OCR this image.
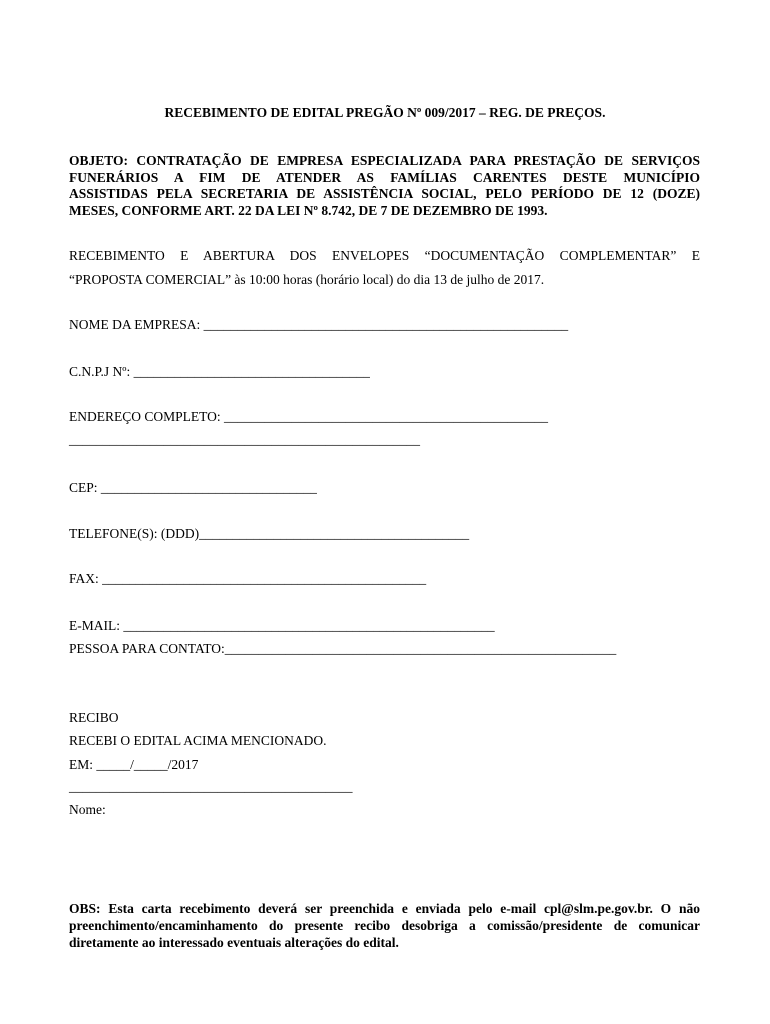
RECEBIMENTO DE EDITAL PREGÃO Nº 009/2017 – REG. DE PREÇOS.
OBJETO: CONTRATAÇÃO DE EMPRESA ESPECIALIZADA PARA PRESTAÇÃO DE SERVIÇOS
FUNERÁRIOS A FIM DE ATENDER AS FAMÍLIAS CARENTES DESTE MUNICÍPIO
ASSISTIDAS PELA SECRETARIA DE ASSISTÊNCIA SOCIAL, PELO PERÍODO DE 12 (DOZE)
MESES, CONFORME ART. 22 DA LEI Nº 8.742, DE 7 DE DEZEMBRO DE 1993.
RECEBIMENTO E ABERTURA DOS ENVELOPES “DOCUMENTAÇÃO COMPLEMENTAR” E
“PROPOSTA COMERCIAL” às 10:00 horas (horário local) do dia 13 de julho de 2017.
NOME DA EMPRESA: ______________________________________________________
C.N.P.J Nº: ___________________________________
ENDEREÇO COMPLETO: ________________________________________________
____________________________________________________
CEP: ________________________________
TELEFONE(S): (DDD)________________________________________
FAX: ________________________________________________
E-MAIL: _______________________________________________________
PESSOA PARA CONTATO:__________________________________________________________
RECIBO
RECEBI O EDITAL ACIMA MENCIONADO.
EM: _____/_____/2017
__________________________________________
Nome:
OBS: Esta carta recebimento deverá ser preenchida e enviada pelo e-mail cpl@slm.pe.gov.br. O não
preenchimento/encaminhamento do presente recibo desobriga a comissão/presidente de comunicar
diretamente ao interessado eventuais alterações do edital.
